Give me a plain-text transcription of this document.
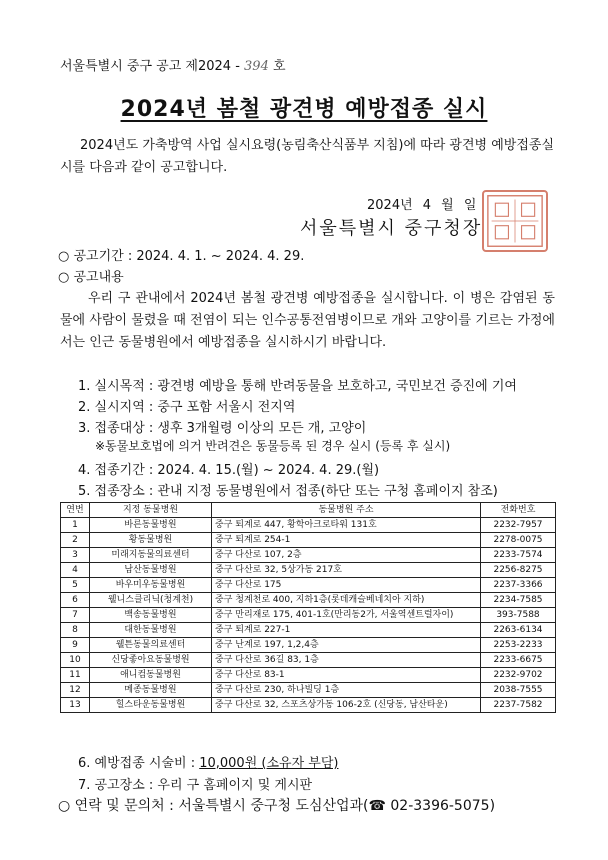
서울특별시 중구 공고 제2024 - 394 호
2024년 봄철 광견병 예방접종 실시
2024년도 가축방역 사업 실시요령(농림축산식품부 지침)에 따라 광견병 예방접종실시를 다음과 같이 공고합니다.
2024년 4 월 일
서울특별시 중구청장
○ 공고기간 : 2024. 4. 1. ~ 2024. 4. 29.
○ 공고내용
우리 구 관내에서 2024년 봄철 광견병 예방접종을 실시합니다. 이 병은 감염된 동물에 사람이 물렸을 때 전염이 되는 인수공통전염병이므로 개와 고양이를 기르는 가정에서는 인근 동물병원에서 예방접종을 실시하시기 바랍니다.
1. 실시목적 : 광견병 예방을 통해 반려동물을 보호하고, 국민보건 증진에 기여
2. 실시지역 : 중구 포함 서울시 전지역
3. 접종대상 : 생후 3개월령 이상의 모든 개, 고양이
※동물보호법에 의거 반려견은 동물등록 된 경우 실시 (등록 후 실시)
4. 접종기간 : 2024. 4. 15.(월) ~ 2024. 4. 29.(월)
5. 접종장소 : 관내 지정 동물병원에서 접종(하단 또는 구청 홈페이지 참조)
연번	지정 동물병원	동물병원 주소	전화번호
1	바른동물병원	중구 퇴계로 447, 황학아크로타워 131호	2232-7957
2	황동물병원	중구 퇴계로 254-1	2278-0075
3	미래지동물의료센터	중구 다산로 107, 2층	2233-7574
4	남산동물병원	중구 다산로 32, 5상가동 217호	2256-8275
5	바우미우동물병원	중구 다산로 175	2237-3366
6	웰니스클리닉(청계천)	중구 청계천로 400, 지하1층(롯데캐슬베네치아 지하)	2234-7585
7	백송동물병원	중구 만리재로 175, 401-1호(만리동2가, 서울역센트럴자이)	393-7588
8	대한동물병원	중구 퇴계로 227-1	2263-6134
9	웰튼동물의료센터	중구 난계로 197, 1,2,4층	2253-2233
10	신당좋아요동물병원	중구 다산로 36길 83, 1층	2233-6675
11	애니컴동물병원	중구 다산로 83-1	2232-9702
12	메종동물병원	중구 다산로 230, 하나빌딩 1층	2038-7555
13	힐스타운동물병원	중구 다산로 32, 스포츠상가동 106-2호 (신당동, 남산타운)	2237-7582
6. 예방접종 시술비 : 10,000원 (소유자 부담)
7. 공고장소 : 우리 구 홈페이지 및 게시판
○ 연락 및 문의처 : 서울특별시 중구청 도심산업과(☎ 02-3396-5075)
